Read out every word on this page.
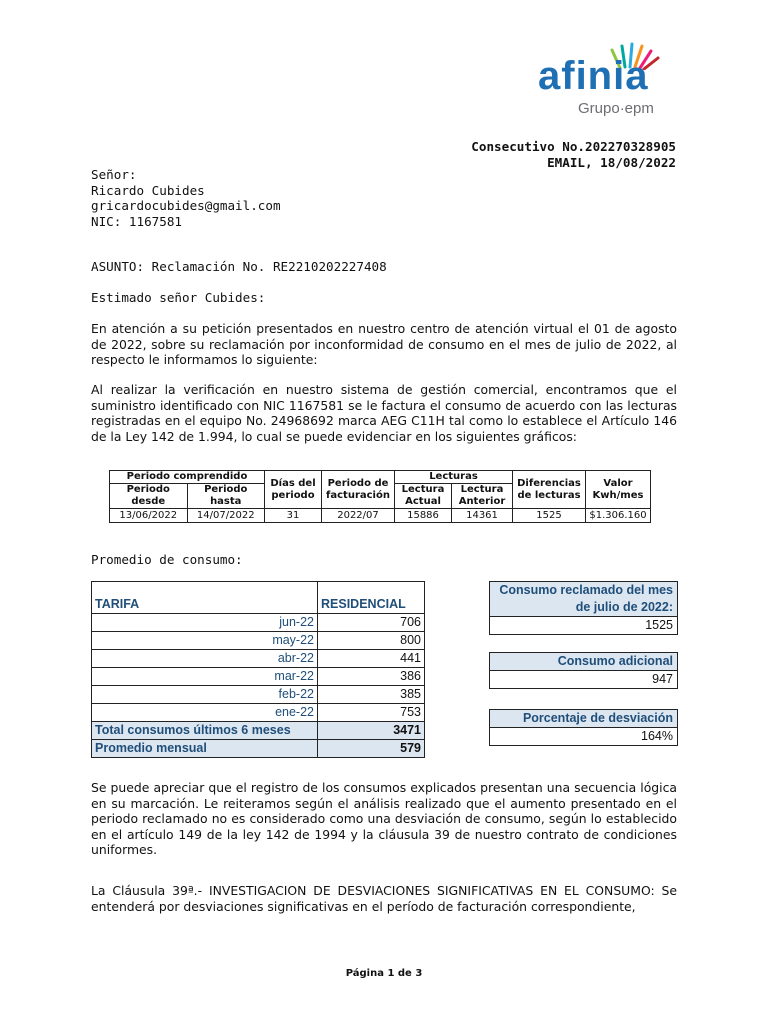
afinia
Grupo·epm
Consecutivo No.202270328905
EMAIL, 18/08/2022
Señor:
Ricardo Cubides
gricardocubides@gmail.com
NIC: 1167581
ASUNTO: Reclamación No. RE2210202227408
Estimado señor Cubides:
En atención a su petición presentados en nuestro centro de atención virtual el 01 de agosto de 2022, sobre su reclamación por inconformidad de consumo en el mes de julio de 2022, al respecto le informamos lo siguiente:
Al realizar la verificación en nuestro sistema de gestión comercial, encontramos que el suministro identificado con NIC 1167581 se le factura el consumo de acuerdo con las lecturas registradas en el equipo No. 24968692 marca AEG C11H tal como lo establece el Artículo 146 de la Ley 142 de 1.994, lo cual se puede evidenciar en los siguientes gráficos:
Periodo comprendido		Días del periodo	Periodo de facturación	Lecturas		Diferencias de lecturas	Valor Kwh/mes
Periodo desde	Periodo hasta			Lectura Actual	Lectura Anterior		
13/06/2022	14/07/2022	31	2022/07	15886	14361	1525	$1.306.160
Promedio de consumo:
TARIFA	RESIDENCIAL
jun-22	706
may-22	800
abr-22	441
mar-22	386
feb-22	385
ene-22	753
Total consumos últimos 6 meses	3471
Promedio mensual	579
Consumo reclamado del mes
de julio de 2022:

1525
Consumo adicional
947
Porcentaje de desviación
164%
Se puede apreciar que el registro de los consumos explicados presentan una secuencia lógica en su marcación. Le reiteramos según el análisis realizado que el aumento presentado en el periodo reclamado no es considerado como una desviación de consumo, según lo establecido en el artículo 149 de la ley 142 de 1994 y la cláusula 39 de nuestro contrato de condiciones uniformes.
La Cláusula 39ª.- INVESTIGACION DE DESVIACIONES SIGNIFICATIVAS EN EL CONSUMO: Se entenderá por desviaciones significativas en el período de facturación correspondiente,
Página 1 de 3
